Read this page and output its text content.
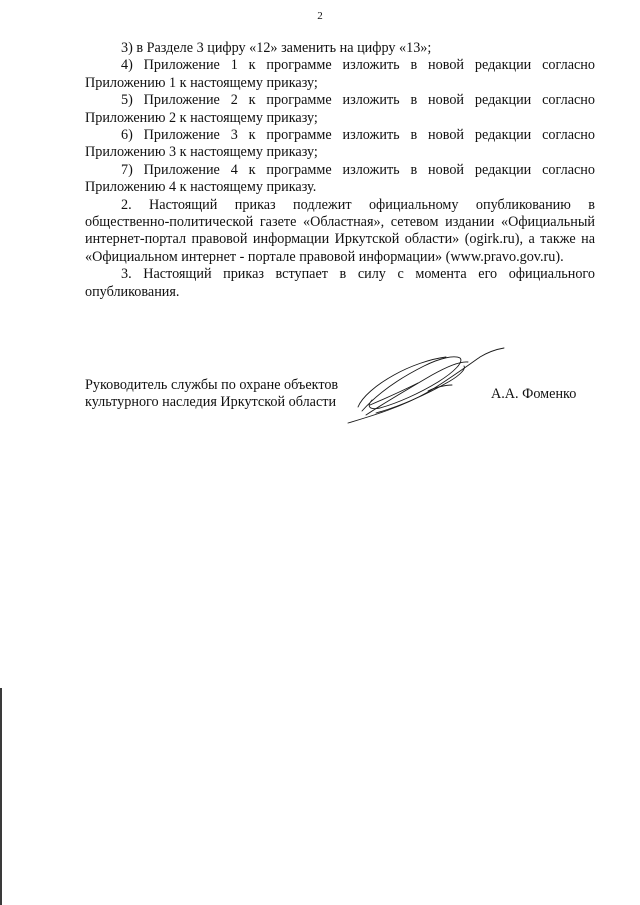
2

3) в Разделе 3 цифру «12» заменить на цифру «13»;

4) Приложение 1 к программе изложить в новой редакции согласно Приложению 1 к настоящему приказу;

5) Приложение 2 к программе изложить в новой редакции согласно Приложению 2 к настоящему приказу;

6) Приложение 3 к программе изложить в новой редакции согласно Приложению 3 к настоящему приказу;

7) Приложение 4 к программе изложить в новой редакции согласно Приложению 4 к настоящему приказу.

2. Настоящий приказ подлежит официальному опубликованию в общественно-политической газете «Областная», сетевом издании «Официальный интернет-портал правовой информации Иркутской области» (ogirk.ru), а также на «Официальном интернет - портале правовой информации» (www.pravo.gov.ru).

3. Настоящий приказ вступает в силу с момента его официального опубликования.

Руководитель службы по охране объектов
культурного наследия Иркутской области
А.А. Фоменко
